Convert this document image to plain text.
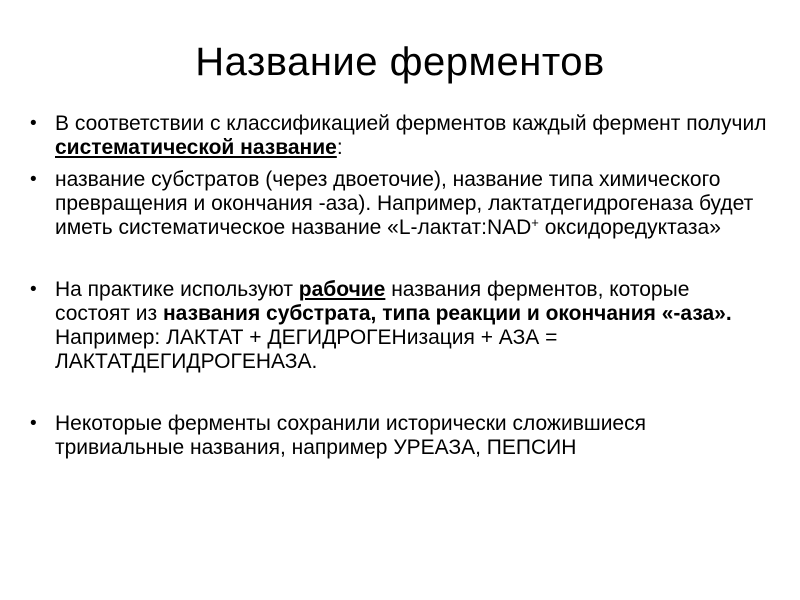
Название ферментов
• В соответствии с классификацией ферментов каждый фермент получил систематической название:
• название субстратов (через двоеточие), название типа химического превращения и окончания -аза). Например, лактатдегидрогеназа будет иметь систематическое название «L-лактат:NAD+ оксидоредуктаза»
• На практике используют рабочие названия ферментов, которые состоят из названия субстрата, типа реакции и окончания «-аза». Например: ЛАКТАТ + ДЕГИДРОГЕНизация + АЗА = ЛАКТАТДЕГИДРОГЕНАЗА.
• Некоторые ферменты сохранили исторически сложившиеся тривиальные названия, например УРЕАЗА, ПЕПСИН
